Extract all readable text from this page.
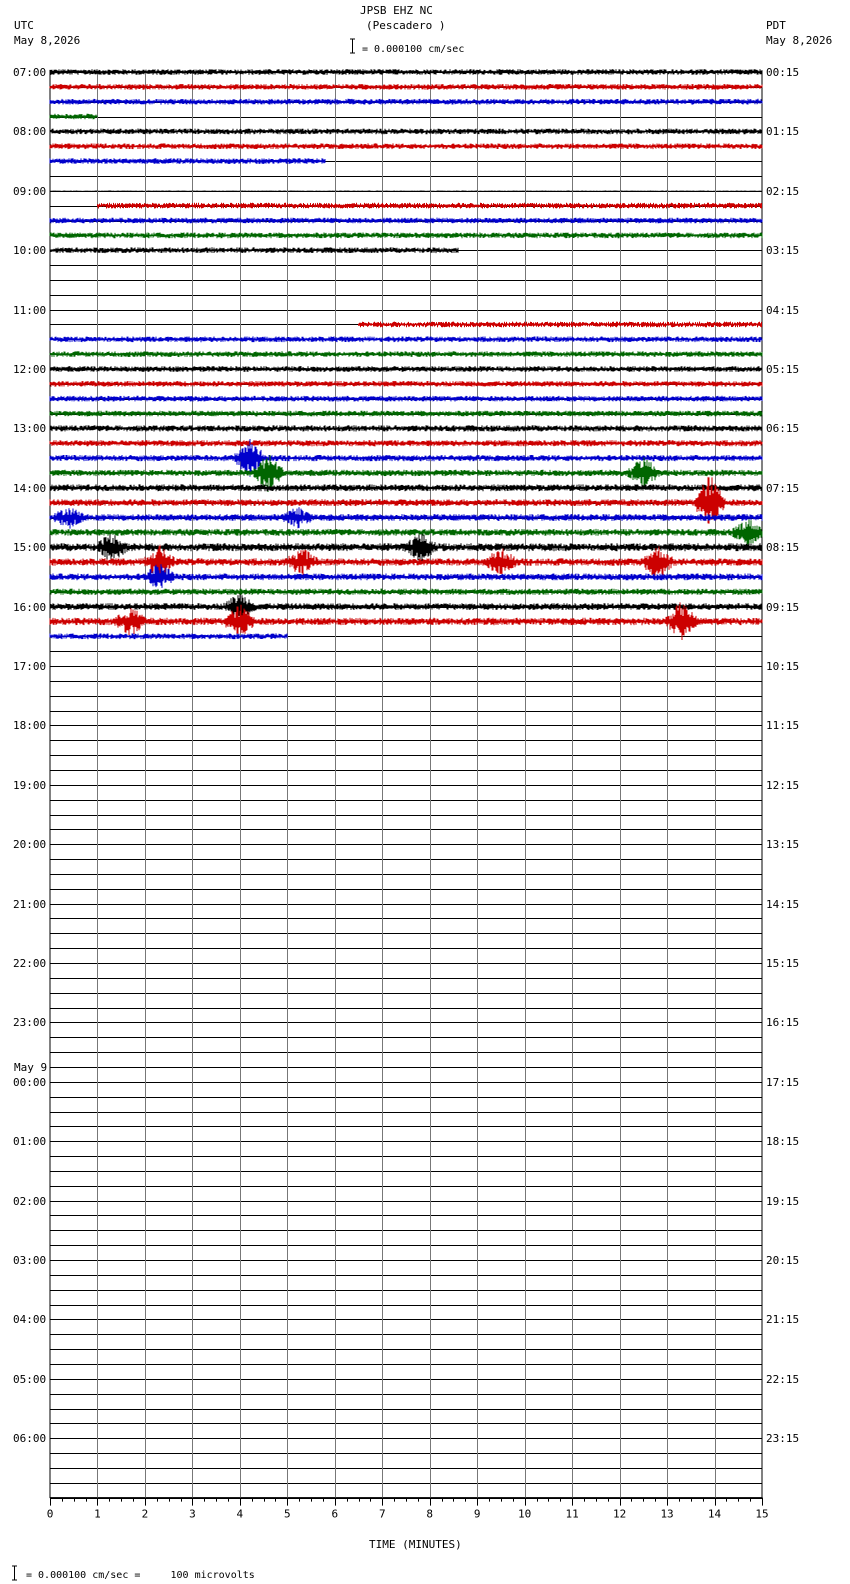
0	1	2	3	4	5	6	7	8	9	10	11	12	13	14	15
UTC
May 8,2026
JPSB EHZ NC
(Pescadero )
= 0.000100 cm/sec
PDT
May 8,2026
May 9
TIME (MINUTES)
= 0.000100 cm/sec =     100 microvolts
07:00
08:00
09:00
10:00
11:00
12:00
13:00
14:00
15:00
16:00
17:00
18:00
19:00
20:00
21:00
22:00
23:00
00:00
01:00
02:00
03:00
04:00
05:00
06:00
00:15
01:15
02:15
03:15
04:15
05:15
06:15
07:15
08:15
09:15
10:15
11:15
12:15
13:15
14:15
15:15
16:15
17:15
18:15
19:15
20:15
21:15
22:15
23:15
